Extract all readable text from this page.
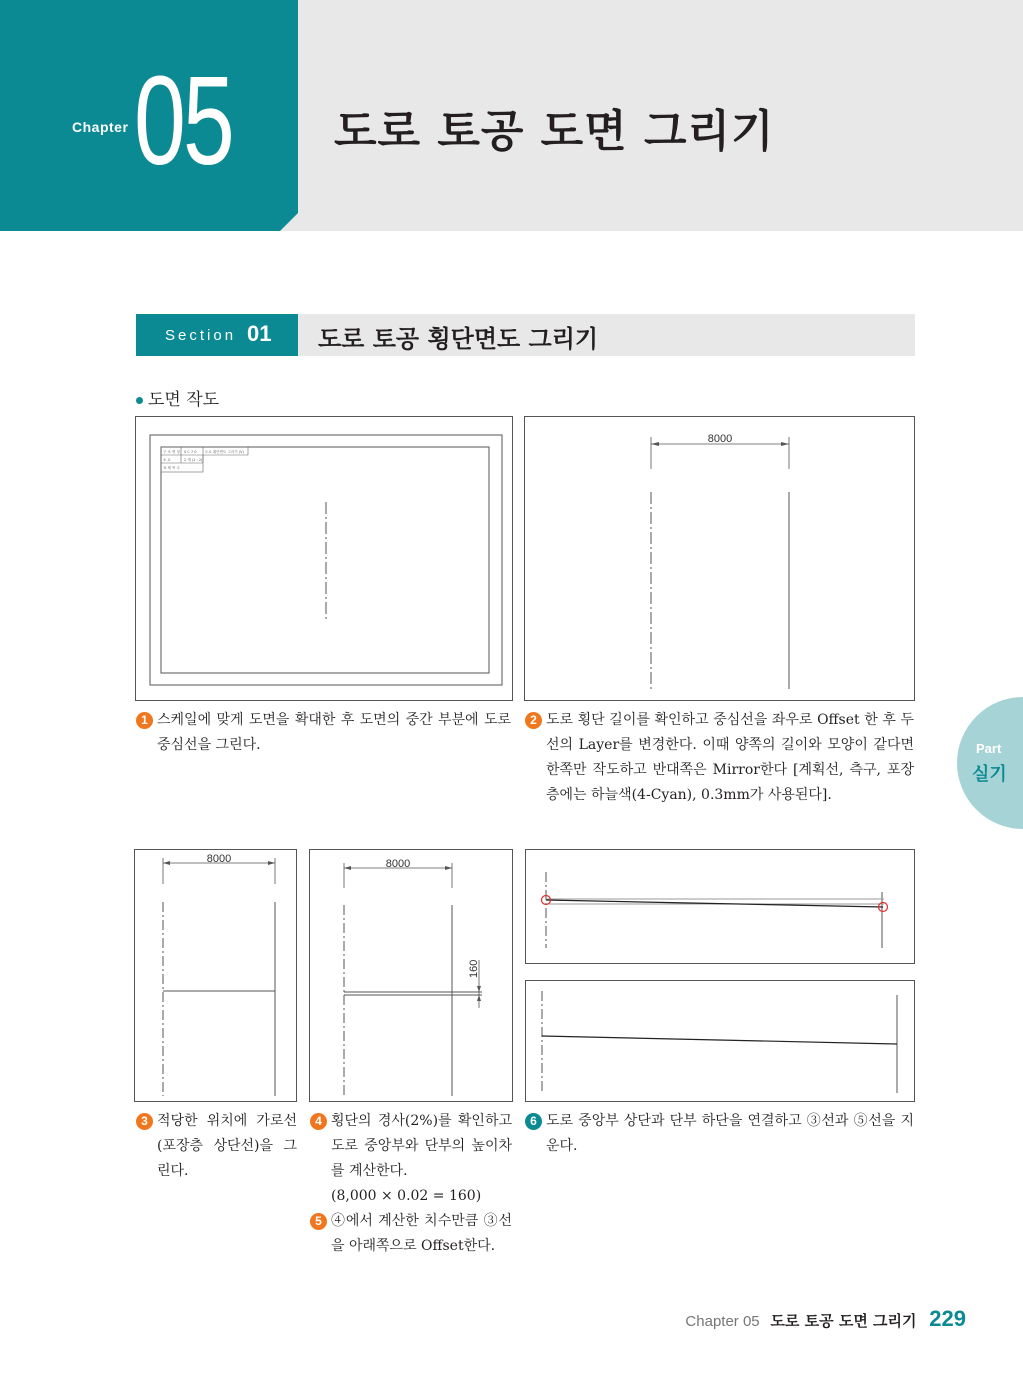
Chapter 05 도로 토공 도면 그리기
Section 01 도로 토공 횡단면도 그리기
도면 작도
구 조 명 칭 S C 7 0 도로 횡단면도 그리기 (V)
소 요	2 개 (1 : 2)
표 제 목 수
8000
1 스케일에 맞게 도면을 확대한 후 도면의 중간 부분에 도로 중심선을 그린다.
2 도로 횡단 길이를 확인하고 중심선을 좌우로 Offset 한 후 두 선의 Layer를 변경한다. 이때 양쪽의 길이와 모양이 같다면 한쪽만 작도하고 반대쪽은 Mirror한다 [계획선, 측구, 포장층에는 하늘색(4-Cyan), 0.3mm가 사용된다].
8000	8000
160
3 적당한 위치에 가로선(포장층 상단선)을 그린다.
4 횡단의 경사(2%)를 확인하고 도로 중앙부와 단부의 높이차를 계산한다.
(8,000 × 0.02 = 160)
5 ④에서 계산한 치수만큼 ③선을 아래쪽으로 Offset한다.
6 도로 중앙부 상단과 단부 하단을 연결하고 ③선과 ⑤선을 지운다.
Part
실기
Chapter 05 도로 토공 도면 그리기 229
